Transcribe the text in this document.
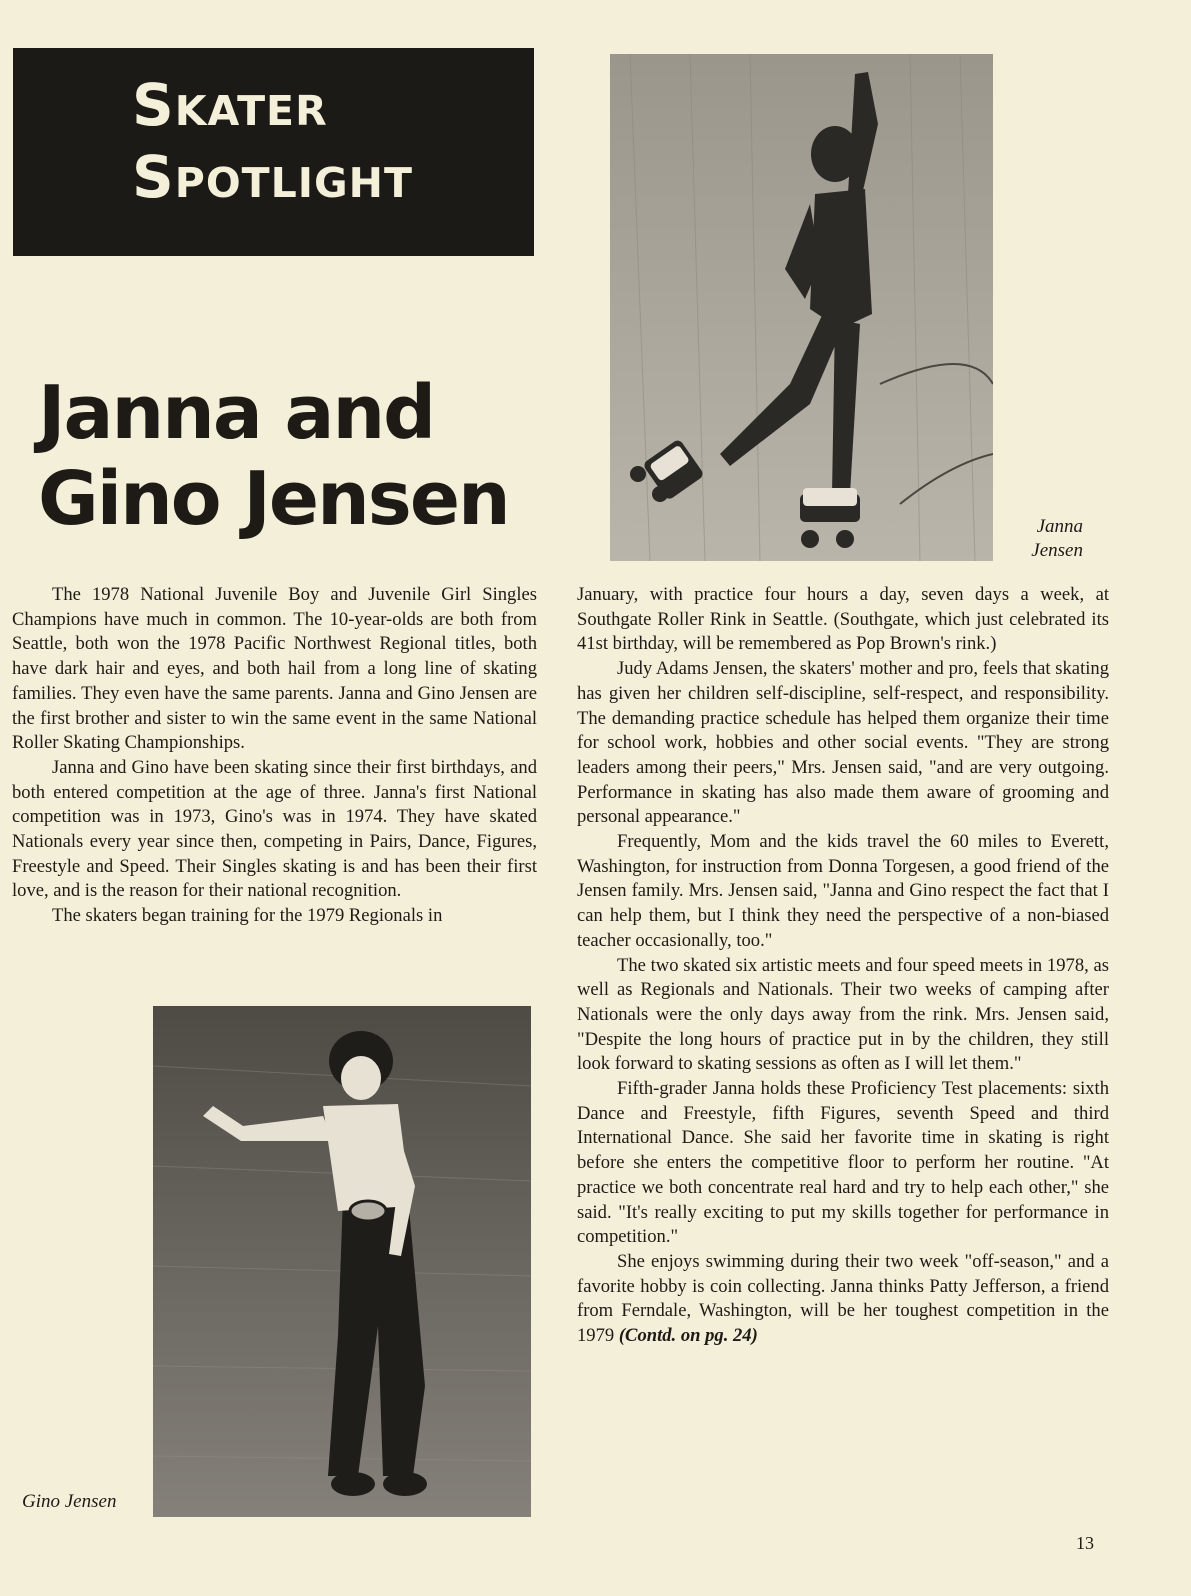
Skater
Spotlight
Janna and Gino Jensen	Janna Jensen

The 1978 National Juvenile Boy and Juvenile Girl Singles Champions have much in common. The 10-year-olds are both from Seattle, both won the 1978 Pacific Northwest Regional titles, both have dark hair and eyes, and both hail from a long line of skating families. They even have the same parents. Janna and Gino Jensen are the first brother and sister to win the same event in the same National Roller Skating Championships.

Janna and Gino have been skating since their first birthdays, and both entered competition at the age of three. Janna's first National competition was in 1973, Gino's was in 1974. They have skated Nationals every year since then, competing in Pairs, Dance, Figures, Freestyle and Speed. Their Singles skating is and has been their first love, and is the reason for their national recognition.

The skaters began training for the 1979 Regionals in

Gino Jensen

January, with practice four hours a day, seven days a week, at Southgate Roller Rink in Seattle. (Southgate, which just celebrated its 41st birthday, will be remembered as Pop Brown's rink.)

Judy Adams Jensen, the skaters' mother and pro, feels that skating has given her children self-discipline, self-respect, and responsibility. The demanding practice schedule has helped them organize their time for school work, hobbies and other social events. "They are strong leaders among their peers," Mrs. Jensen said, "and are very outgoing. Performance in skating has also made them aware of grooming and personal appearance."

Frequently, Mom and the kids travel the 60 miles to Everett, Washington, for instruction from Donna Torgesen, a good friend of the Jensen family. Mrs. Jensen said, "Janna and Gino respect the fact that I can help them, but I think they need the perspective of a non-biased teacher occasionally, too."

The two skated six artistic meets and four speed meets in 1978, as well as Regionals and Nationals. Their two weeks of camping after Nationals were the only days away from the rink. Mrs. Jensen said, "Despite the long hours of practice put in by the children, they still look forward to skating sessions as often as I will let them."

Fifth-grader Janna holds these Proficiency Test placements: sixth Dance and Freestyle, fifth Figures, seventh Speed and third International Dance. She said her favorite time in skating is right before she enters the competitive floor to perform her routine. "At practice we both concentrate real hard and try to help each other," she said. "It's really exciting to put my skills together for performance in competition."

She enjoys swimming during their two week "off-season," and a favorite hobby is coin collecting. Janna thinks Patty Jefferson, a friend from Ferndale, Washington, will be her toughest competition in the 1979 (Contd. on pg. 24)

13
